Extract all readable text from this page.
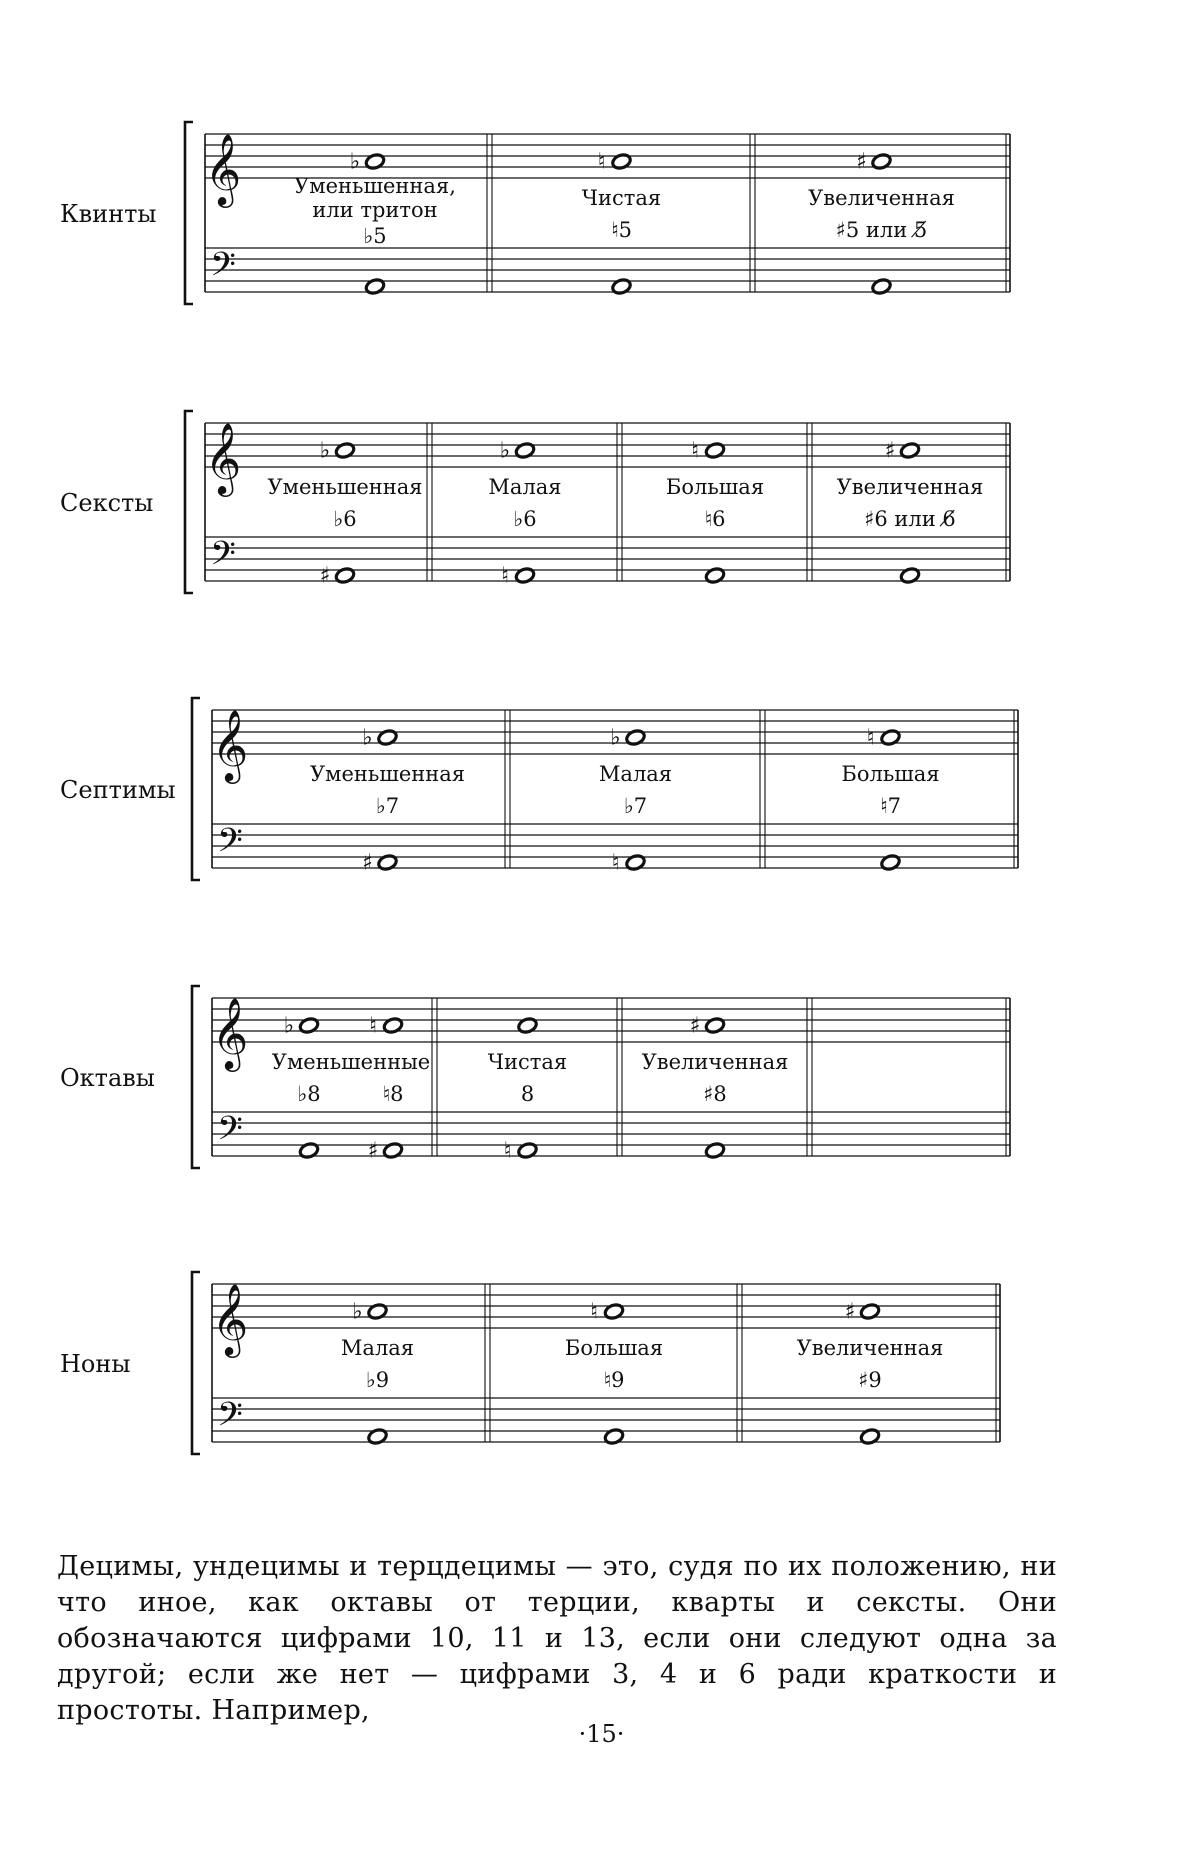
Квинты
𝄞
𝄢
Уменьшенная,
или тритон
♭5
♭
Чистая
♮5
♮
Увеличенная
♯5 или 5̸
♯
Сексты
𝄞
𝄢
Уменьшенная
♭6
♭
♯
Малая
♭6
♭
♮
Большая
♮6
♮
Увеличенная
♯6 или 6̸
♯
Септимы
𝄞
𝄢
Уменьшенная
♭7
♭
♯
Малая
♭7
♭
♮
Большая
♮7
♮
Октавы
𝄞
𝄢
Уменьшенные
♭8	♮8
♭	♮
♯
Чистая
8
♮
Увеличенная
♯8
♯
Ноны
𝄞
𝄢
Малая
♭9
♭
Большая
♮9
♮
Увеличенная
♯9
♯

Децимы, ундецимы и терцдецимы — это, судя по их положению, ни что иное, как октавы от терции, кварты и сексты. Они обозначаются цифрами 10, 11 и 13, если они следуют одна за другой; если же нет — цифрами 3, 4 и 6 ради краткости и простоты. Например,

·15·
